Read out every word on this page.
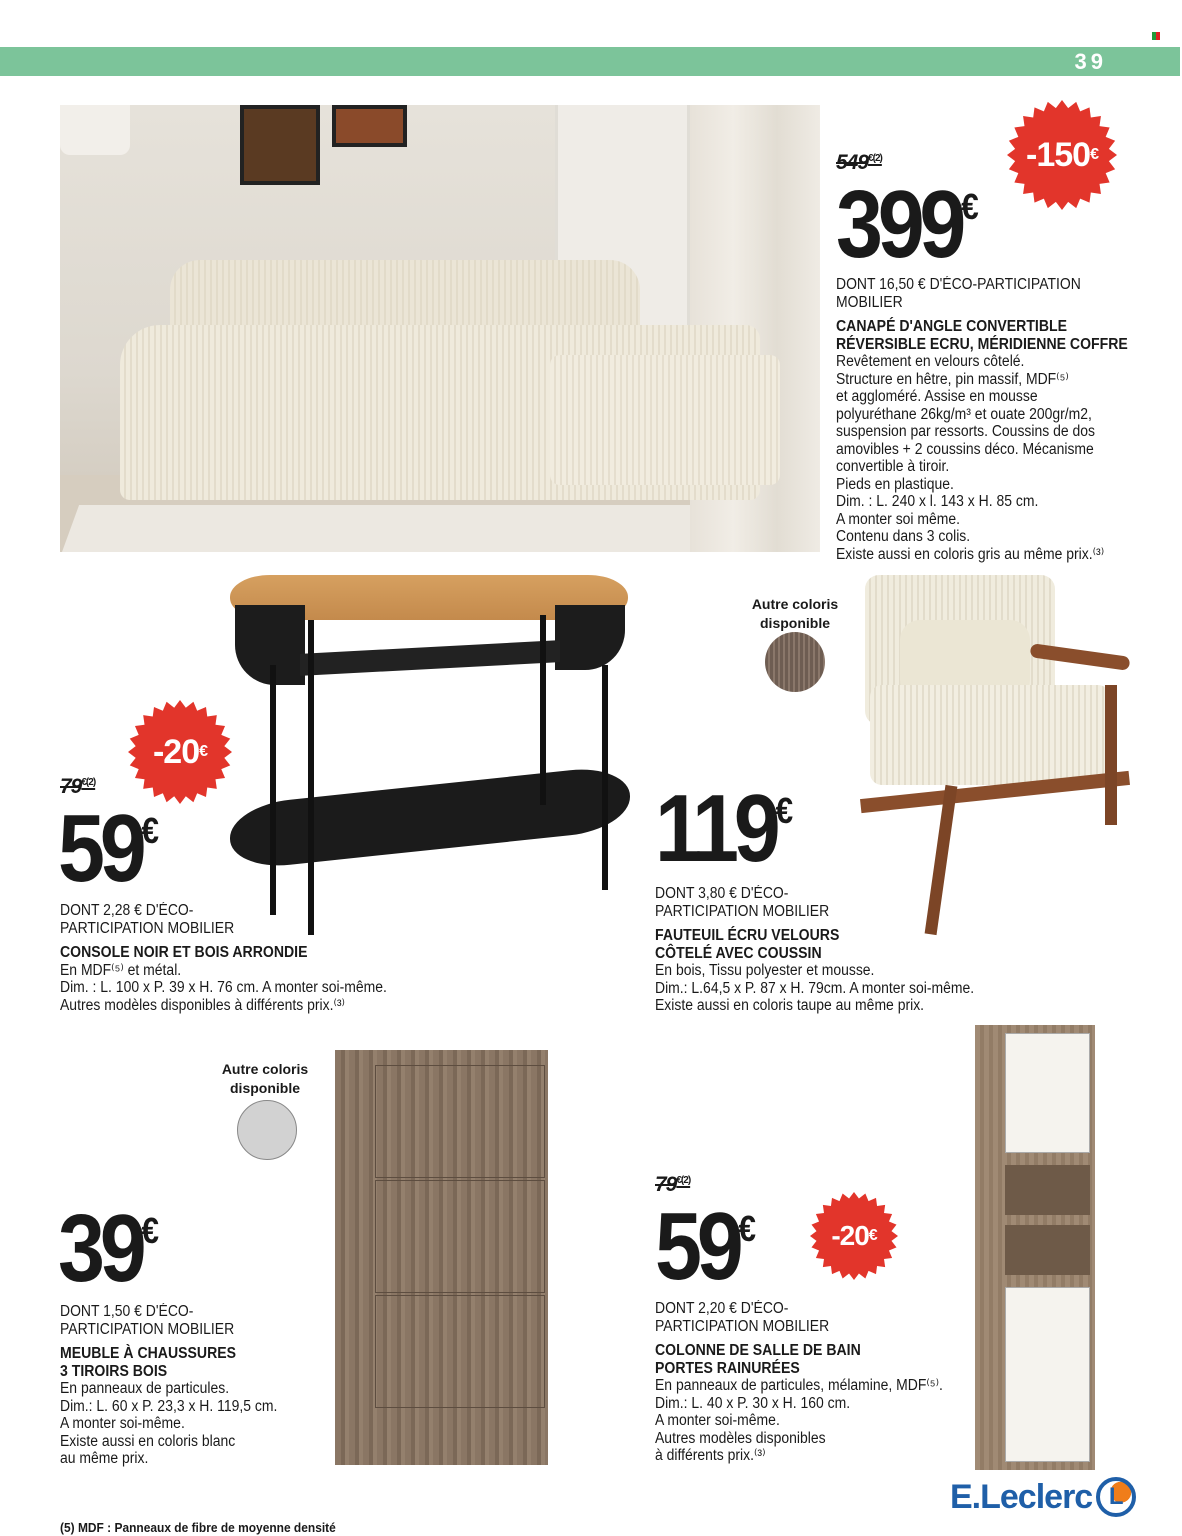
39
$549^{€(2)}$
399€
-150 €
DONT 16,50 € D'ÉCO-PARTICIPATION
MOBILIER
CANAPÉ D'ANGLE CONVERTIBLE
RÉVERSIBLE ECRU, MÉRIDIENNE COFFRE
Revêtement en velours côtelé.
Structure en hêtre, pin massif, MDF⁽⁵⁾
et aggloméré. Assise en mousse
polyuréthane 26kg/m³ et ouate 200gr/m2,
suspension par ressorts. Coussins de dos
amovibles + 2 coussins déco. Mécanisme
convertible à tiroir.
Pieds en plastique.
Dim. : L. 240 x l. 143 x H. 85 cm.
A monter soi même.
Contenu dans 3 colis.
Existe aussi en coloris gris au même prix.⁽³⁾
-20 €
$79^{€(2)}$
59€
DONT 2,28 € D'ÉCO-
PARTICIPATION MOBILIER
CONSOLE NOIR ET BOIS ARRONDIE
En MDF⁽⁵⁾ et métal.
Dim. : L. 100 x P. 39 x H. 76 cm. A monter soi-même.
Autres modèles disponibles à différents prix.⁽³⁾
Autre coloris
disponible
119€
DONT 3,80 € D'ÉCO-
PARTICIPATION MOBILIER
FAUTEUIL ÉCRU VELOURS
CÔTELÉ AVEC COUSSIN
En bois, Tissu polyester et mousse.
Dim.: L.64,5 x P. 87 x H. 79cm. A monter soi-même.
Existe aussi en coloris taupe au même prix.
Autre coloris
disponible
39€
DONT 1,50 € D'ÉCO-
PARTICIPATION MOBILIER
MEUBLE À CHAUSSURES
3 TIROIRS BOIS
En panneaux de particules.
Dim.: L. 60 x P. 23,3 x H. 119,5 cm.
A monter soi-même.
Existe aussi en coloris blanc
au même prix.
$79^{€(2)}$
59€	-20 €
DONT 2,20 € D'ÉCO-
PARTICIPATION MOBILIER
COLONNE DE SALLE DE BAIN
PORTES RAINURÉES
En panneaux de particules, mélamine, MDF⁽⁵⁾.
Dim.: L. 40 x P. 30 x H. 160 cm.
A monter soi-même.
Autres modèles disponibles
à différents prix.⁽³⁾
(5) MDF : Panneaux de fibre de moyenne densité
E.Leclerc L
